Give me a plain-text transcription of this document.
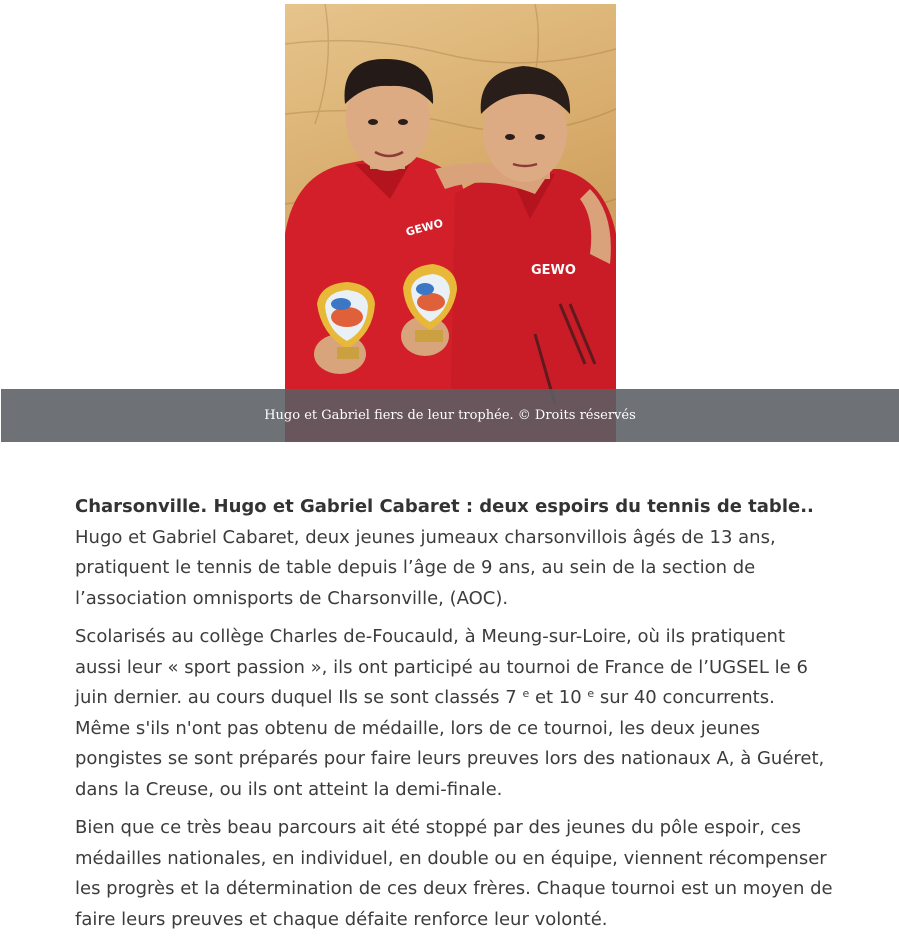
GEWO
GEWO
Hugo et Gabriel fiers de leur trophée. © Droits réservés

Charsonville. Hugo et Gabriel Cabaret : deux espoirs du tennis de table.. Hugo et Gabriel Cabaret, deux jeunes jumeaux charsonvillois âgés de 13 ans, pratiquent le tennis de table depuis l’âge de 9 ans, au sein de la section de l’association omnisports de Charsonville, (AOC).

Scolarisés au collège Charles de-Foucauld, à Meung-sur-Loire, où ils pratiquent aussi leur « sport passion », ils ont participé au tournoi de France de l’UGSEL le 6 juin dernier. au cours duquel Ils se sont classés 7 $^e$ et 10 $^e$ sur 40 concurrents. Même s'ils n'ont pas obtenu de médaille, lors de ce tournoi, les deux jeunes pongistes se sont préparés pour faire leurs preuves lors des nationaux A, à Guéret, dans la Creuse, ou ils ont atteint la demi-finale.

Bien que ce très beau parcours ait été stoppé par des jeunes du pôle espoir, ces médailles nationales, en individuel, en double ou en équipe, viennent récompenser les progrès et la détermination de ces deux frères. Chaque tournoi est un moyen de faire leurs preuves et chaque défaite renforce leur volonté.
